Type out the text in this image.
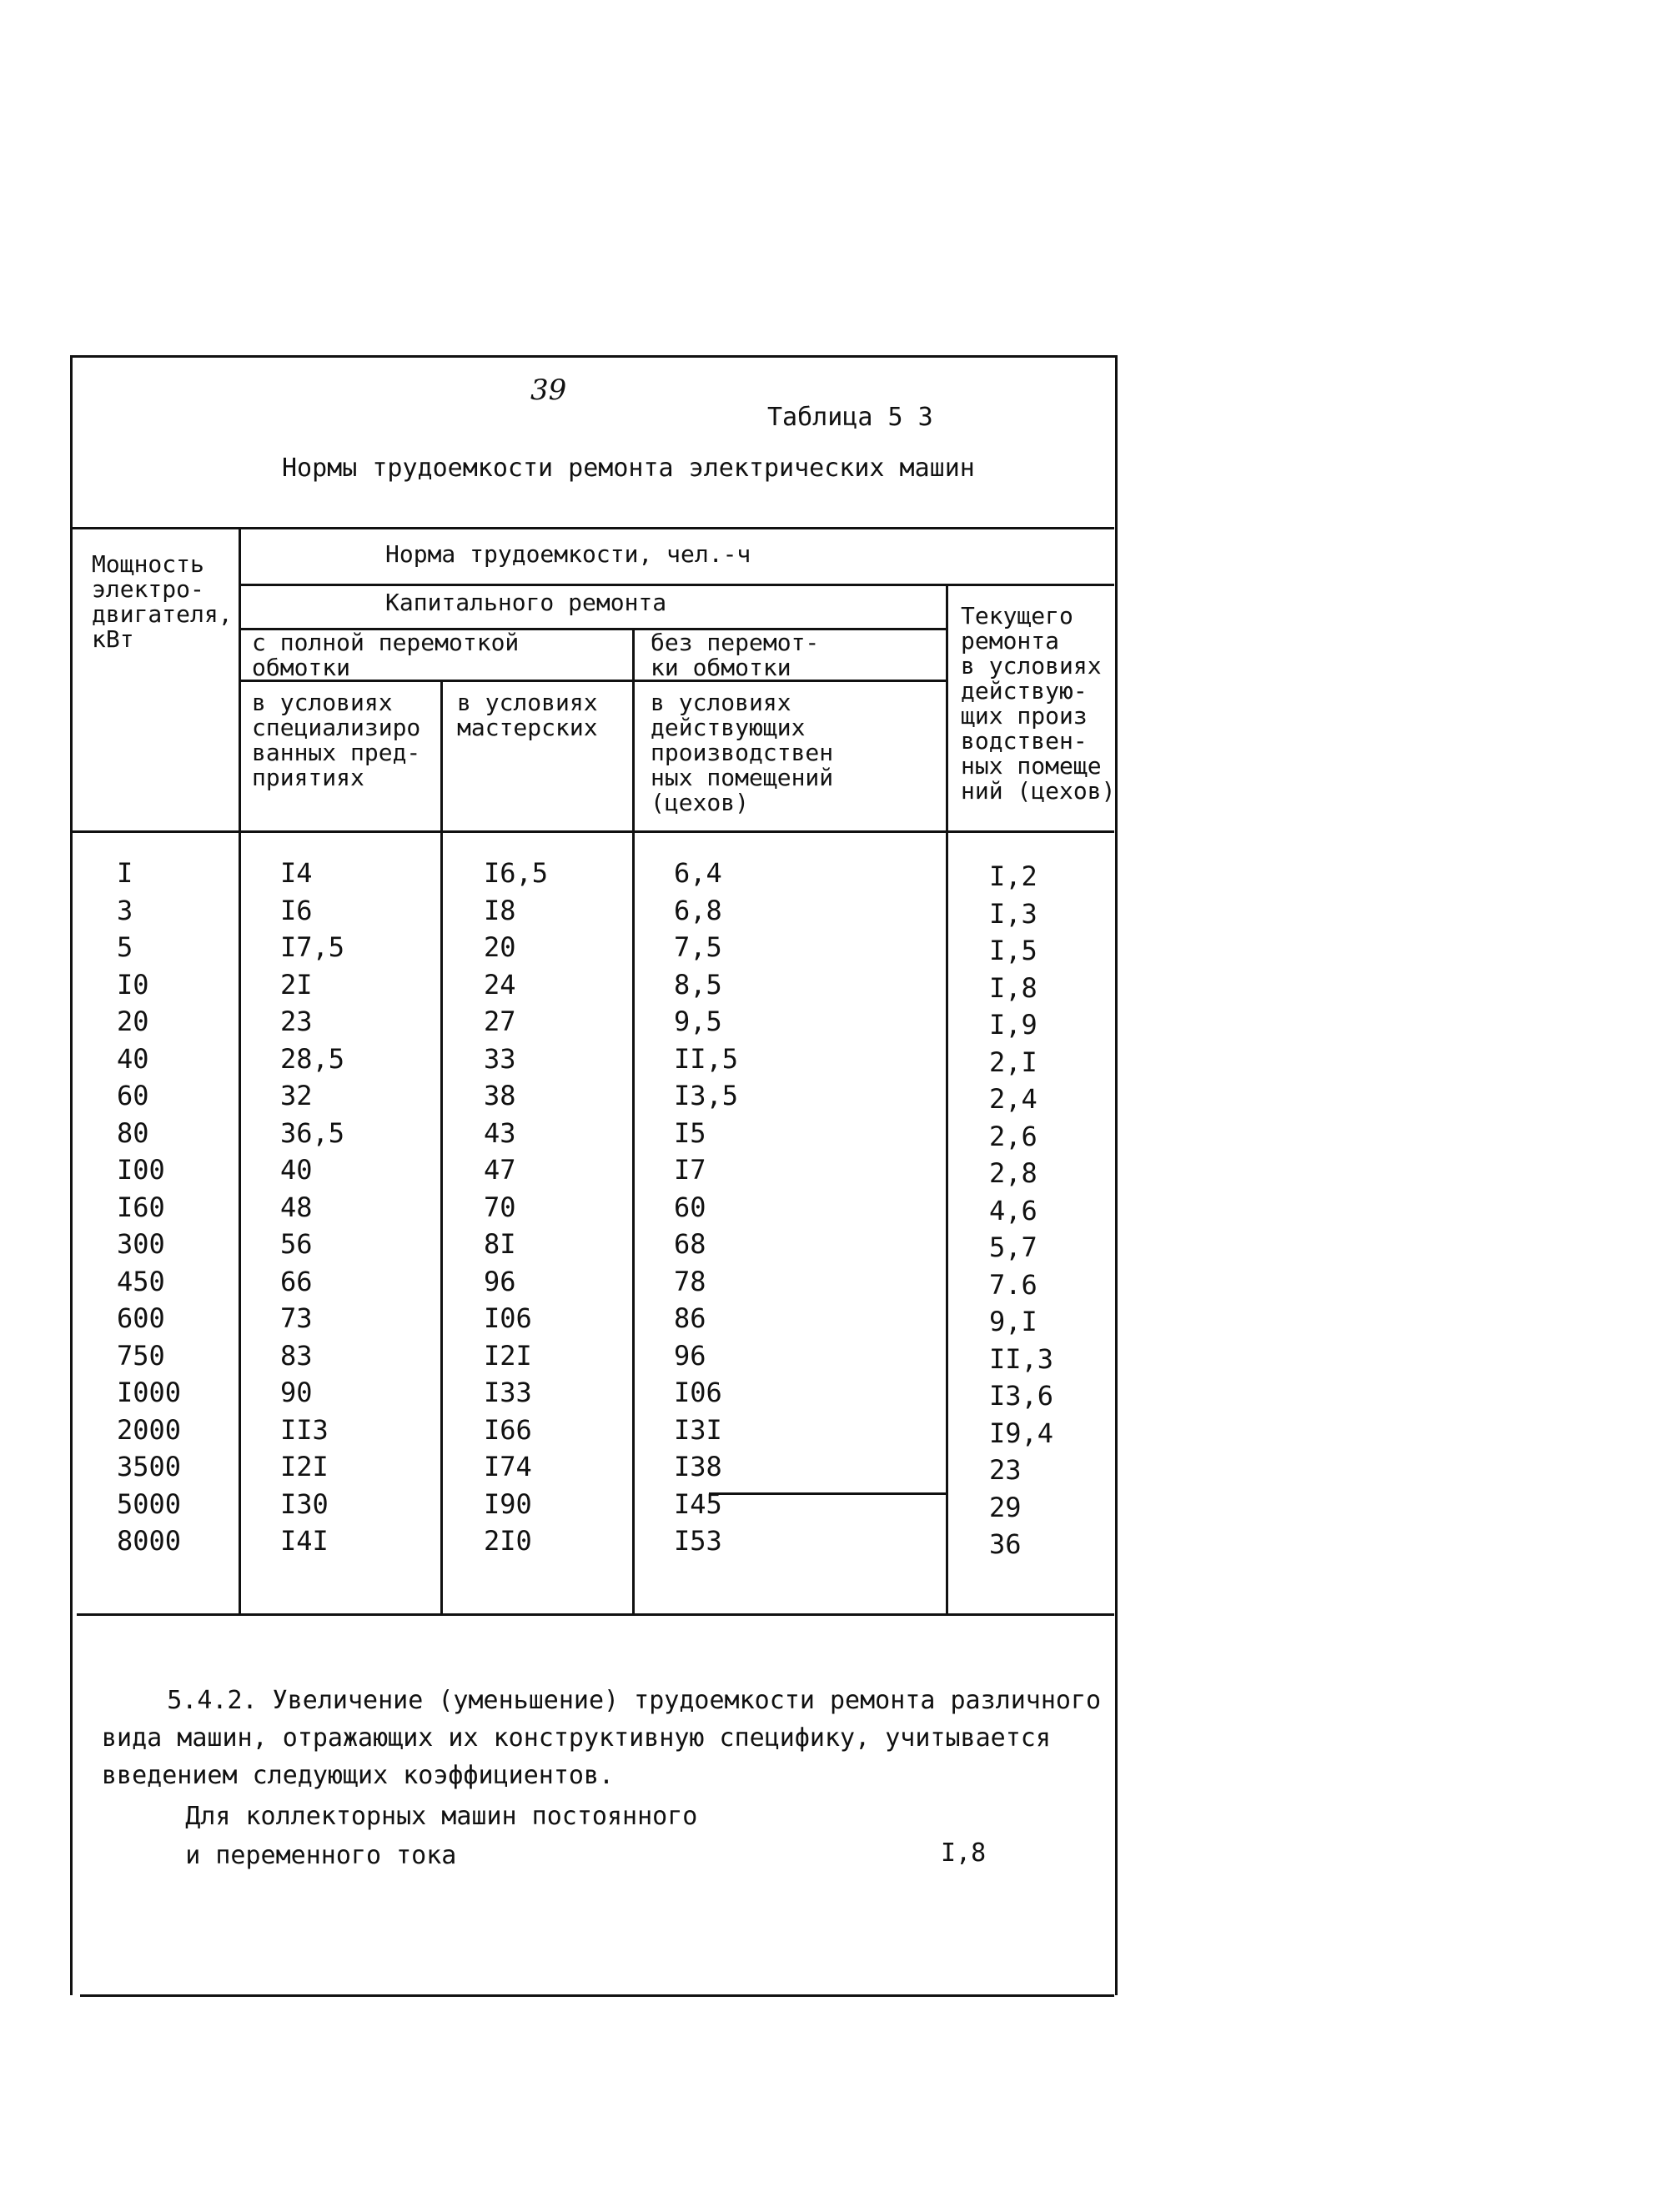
39
Таблица 5 3
Нормы трудоемкости ремонта электрических машин
Мощность
электро-
двигателя,
кВт
Норма трудоемкости, чел.-ч
Капитального ремонта
с полной перемоткой
обмотки
без перемот-
ки обмотки
Текущего
ремонта
в условиях
действую-
щих произ
водствен-
ных помеще
ний (цехов)
в условиях
специализиро
ванных пред-
приятиях
в условиях
мастерских
в условиях
действующих
производствен
ных помещений
(цехов)
I
3
5
I0
20
40
60
80
I00
I60
300
450
600
750
I000
2000
3500
5000
8000
I4
I6
I7,5
2I
23
28,5
32
36,5
40
48
56
66
73
83
90
II3
I2I
I30
I4I
I6,5
I8
20
24
27
33
38
43
47
70
8I
96
I06
I2I
I33
I66
I74
I90
2I0
6,4
6,8
7,5
8,5
9,5
II,5
I3,5
I5
I7
60
68
78
86
96
I06
I3I
I38
I45
I53
I,2
I,3
I,5
I,8
I,9
2,I
2,4
2,6
2,8
4,6
5,7
7.6
9,I
II,3
I3,6
I9,4
23
29
36
5.4.2. Увеличение (уменьшение) трудоемкости ремонта различного
вида машин, отражающих их конструктивную специфику, учитывается
введением следующих коэффициентов.
Для коллекторных машин постоянного
и переменного тока	I,8
